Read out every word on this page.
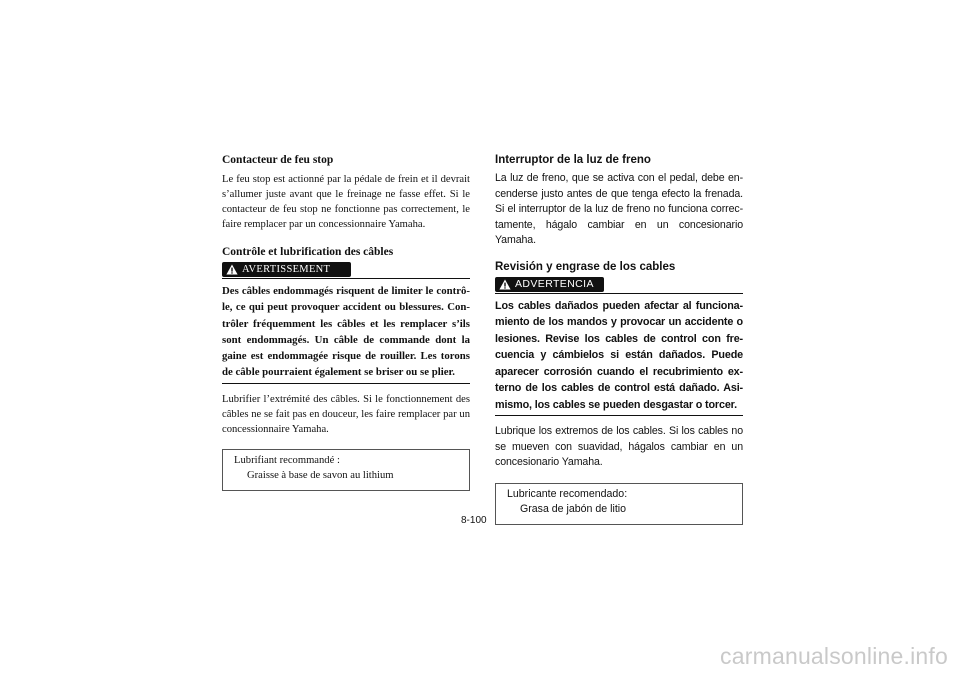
Contacteur de feu stop

Le feu stop est actionné par la pédale de frein et il devrait s’allumer juste avant que le freinage ne fasse effet. Si le contacteur de feu stop ne fonctionne pas correctement, le faire remplacer par un concessionnaire Yamaha.

Contrôle et lubrification des câbles

AVERTISSEMENT

Des câbles endommagés risquent de limiter le contrô-le, ce qui peut provoquer accident ou blessures. Con-trôler fréquemment les câbles et les remplacer s’ils sont endommagés. Un câble de commande dont la gaine est endommagée risque de rouiller. Les torons de câble pourraient également se briser ou se plier.

Lubrifier l’extrémité des câbles. Si le fonctionnement des câbles ne se fait pas en douceur, les faire remplacer par un concessionnaire Yamaha.

Lubrifiant recommandé :

Graisse à base de savon au lithium

Interruptor de la luz de freno

La luz de freno, que se activa con el pedal, debe en-cenderse justo antes de que tenga efecto la frenada. Si el interruptor de la luz de freno no funciona correc-tamente, hágalo cambiar en un concesionario Yamaha.

Revisión y engrase de los cables

ADVERTENCIA

Los cables dañados pueden afectar al funciona-miento de los mandos y provocar un accidente o lesiones. Revise los cables de control con fre-cuencia y cámbielos si están dañados. Puede aparecer corrosión cuando el recubrimiento ex-terno de los cables de control está dañado. Asi-mismo, los cables se pueden desgastar o torcer.

Lubrique los extremos de los cables. Si los cables no se mueven con suavidad, hágalos cambiar en un concesionario Yamaha.

Lubricante recomendado:

Grasa de jabón de litio

8-100
carmanualsonline.info
